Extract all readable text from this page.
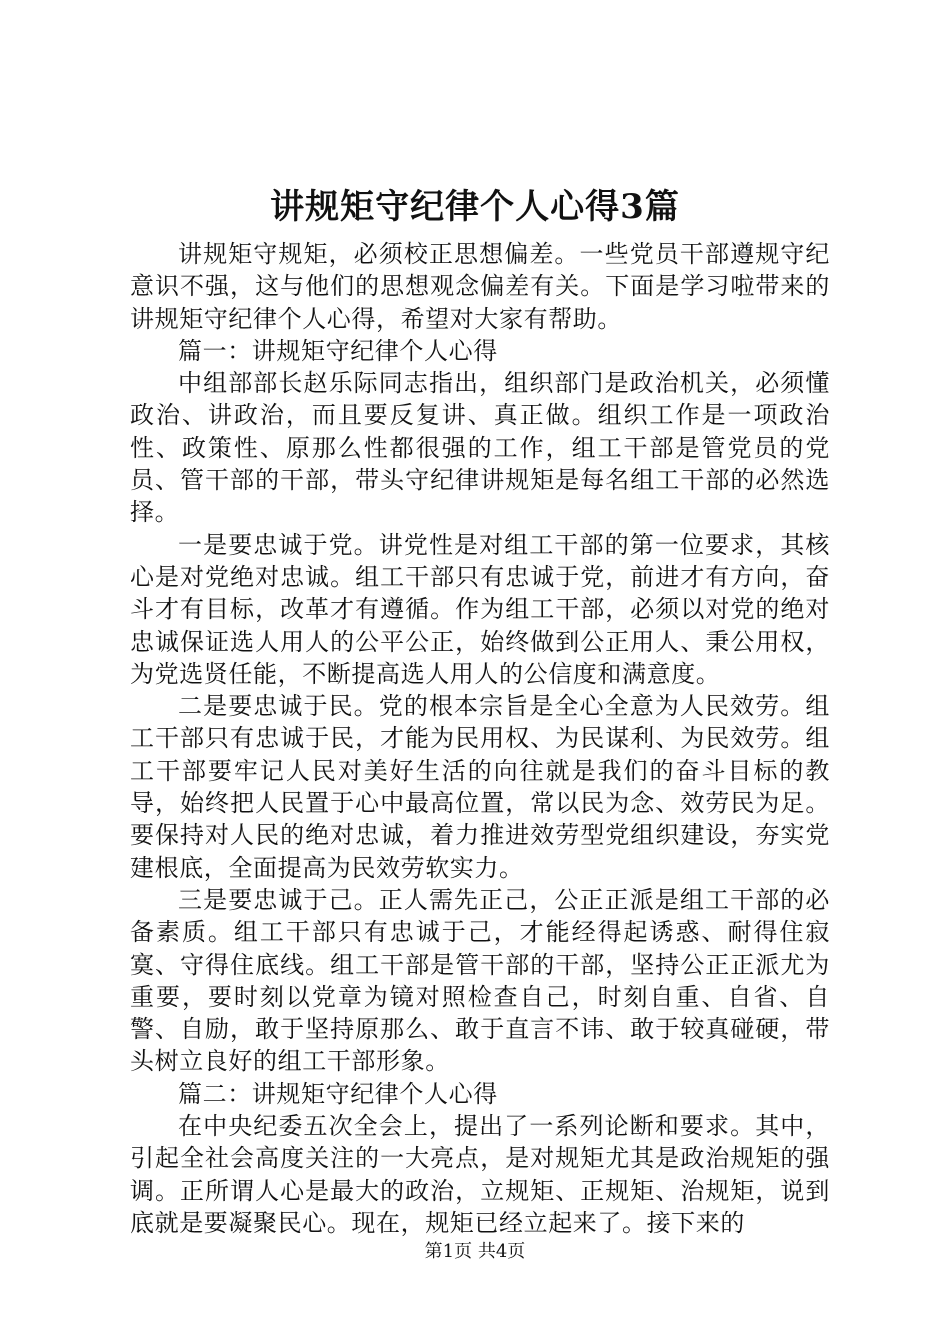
讲规矩守纪律个人心得3篇

讲规矩守规矩，必须校正思想偏差。一些党员干部遵规守纪意识不强，这与他们的思想观念偏差有关。下面是学习啦带来的讲规矩守纪律个人心得，希望对大家有帮助。

篇一：讲规矩守纪律个人心得

中组部部长赵乐际同志指出，组织部门是政治机关，必须懂政治、讲政治，而且要反复讲、真正做。组织工作是一项政治性、政策性、原那么性都很强的工作，组工干部是管党员的党员、管干部的干部，带头守纪律讲规矩是每名组工干部的必然选择。

一是要忠诚于党。讲党性是对组工干部的第一位要求，其核心是对党绝对忠诚。组工干部只有忠诚于党，前进才有方向，奋斗才有目标，改革才有遵循。作为组工干部，必须以对党的绝对忠诚保证选人用人的公平公正，始终做到公正用人、秉公用权，为党选贤任能，不断提高选人用人的公信度和满意度。

二是要忠诚于民。党的根本宗旨是全心全意为人民效劳。组工干部只有忠诚于民，才能为民用权、为民谋利、为民效劳。组工干部要牢记人民对美好生活的向往就是我们的奋斗目标的教导，始终把人民置于心中最高位置，常以民为念、效劳民为足。要保持对人民的绝对忠诚，着力推进效劳型党组织建设，夯实党建根底，全面提高为民效劳软实力。

三是要忠诚于己。正人需先正己，公正正派是组工干部的必备素质。组工干部只有忠诚于己，才能经得起诱惑、耐得住寂寞、守得住底线。组工干部是管干部的干部，坚持公正正派尤为重要，要时刻以党章为镜对照检查自己，时刻自重、自省、自警、自励，敢于坚持原那么、敢于直言不讳、敢于较真碰硬，带头树立良好的组工干部形象。

篇二：讲规矩守纪律个人心得

在中央纪委五次全会上，提出了一系列论断和要求。其中，引起全社会高度关注的一大亮点，是对规矩尤其是政治规矩的强调。正所谓人心是最大的政治，立规矩、正规矩、治规矩，说到底就是要凝聚民心。现在，规矩已经立起来了。接下来的

第1页 共4页
